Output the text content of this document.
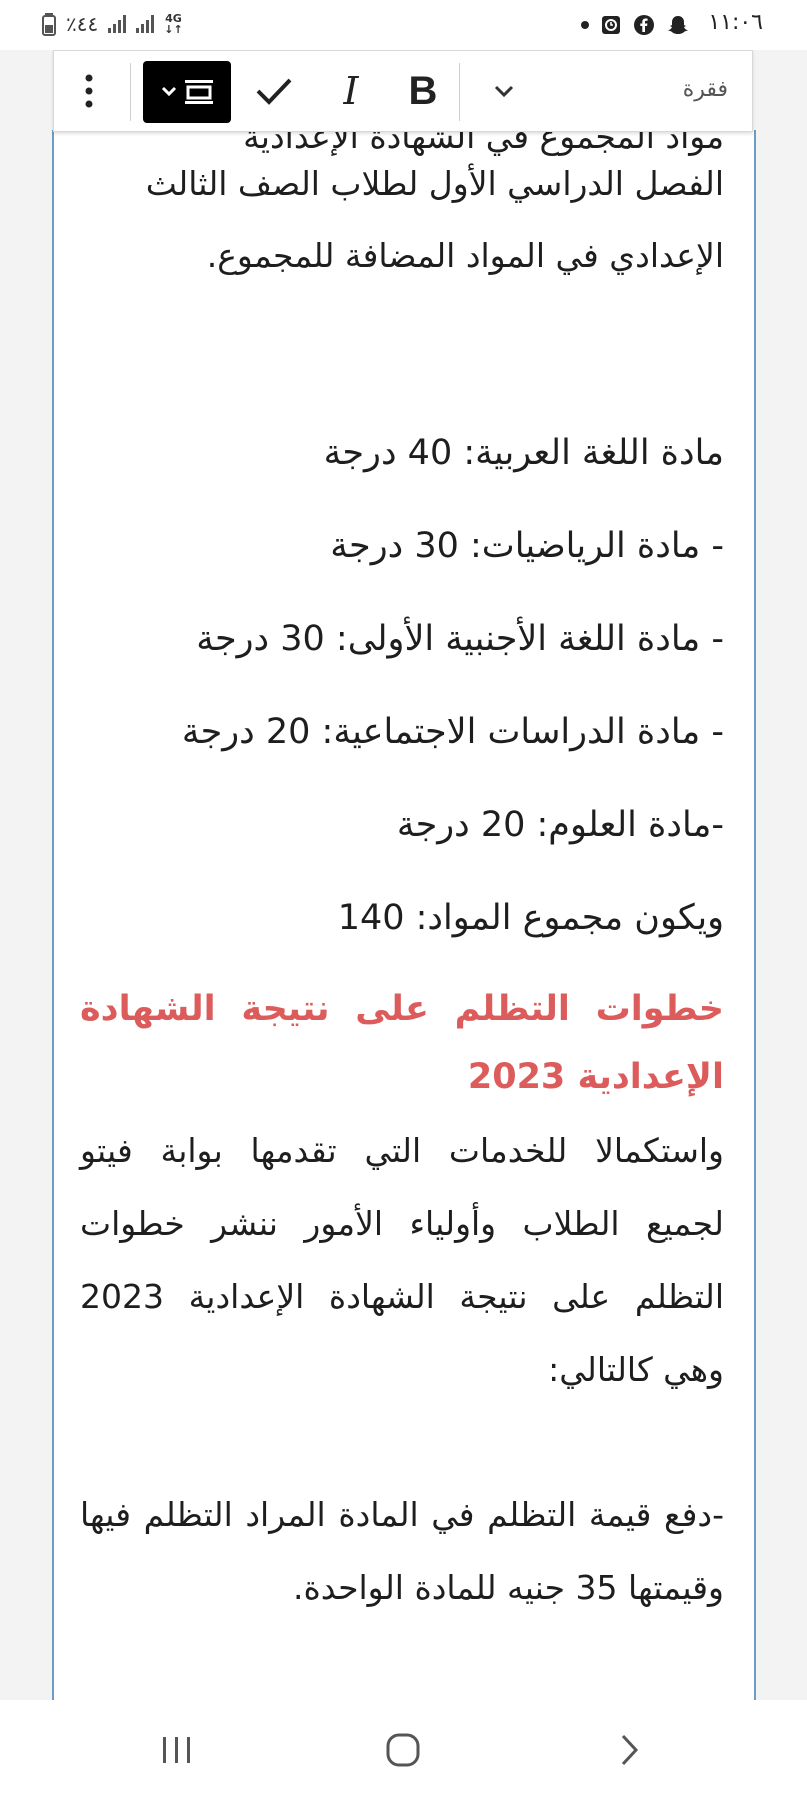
٪٤٤	4G
↓↑	١١:٠٦

الفصل الدراسي الأول لطلاب الصف الثالث الإعدادي في المواد المضافة للمجموع.

مادة اللغة العربية: 40 درجة

- مادة الرياضيات: 30 درجة

- مادة اللغة الأجنبية الأولى: 30 درجة

- مادة الدراسات الاجتماعية: 20 درجة

-مادة العلوم: 20 درجة

ويكون مجموع المواد: 140

خطوات التظلم على نتيجة الشهادة الإعدادية 2023

واستكمالا للخدمات التي تقدمها بوابة فيتو لجميع الطلاب وأولياء الأمور ننشر خطوات التظلم على نتيجة الشهادة الإعدادية 2023 وهي كالتالي:

-دفع قيمة التظلم في المادة المراد التظلم فيها وقيمتها 35 جنيه للمادة الواحدة.

I B	فقرة
